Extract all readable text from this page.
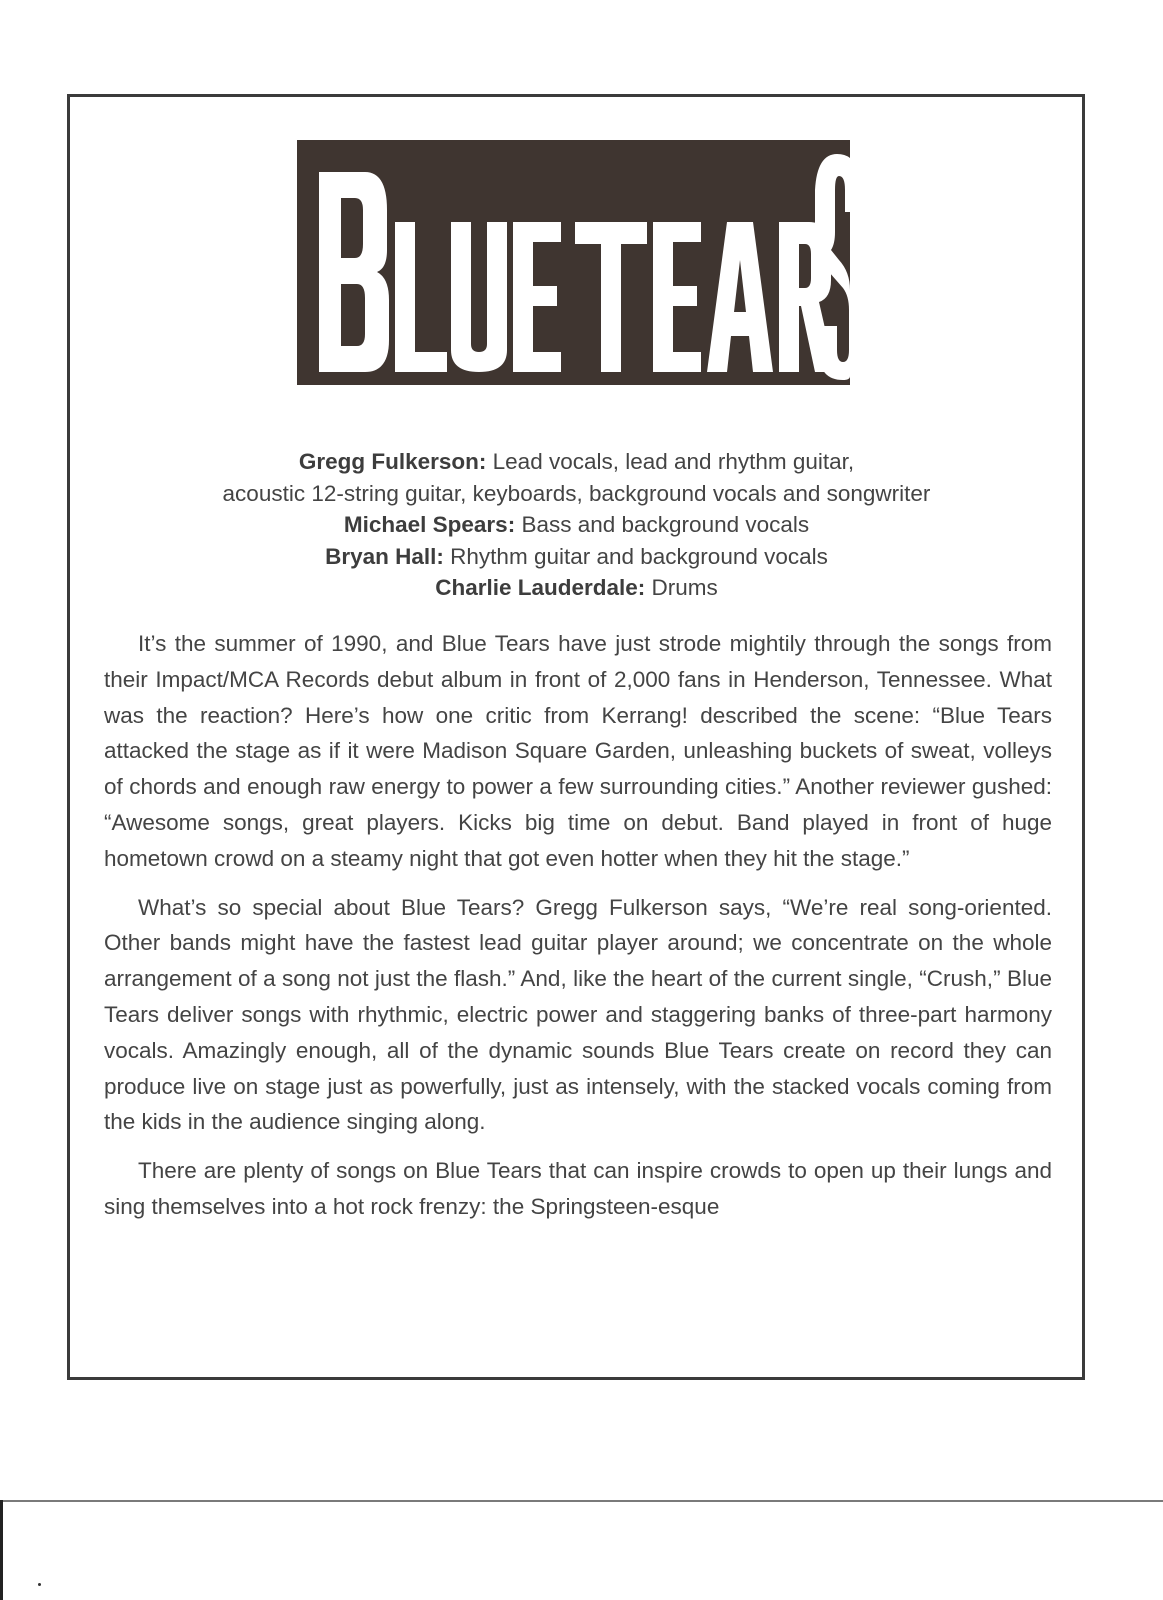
Gregg Fulkerson: Lead vocals, lead and rhythm guitar,
acoustic 12-string guitar, keyboards, background vocals and songwriter
Michael Spears: Bass and background vocals
Bryan Hall: Rhythm guitar and background vocals
Charlie Lauderdale: Drums

It’s the summer of 1990, and Blue Tears have just strode mightily through the songs from their Impact/MCA Records debut album in front of 2,000 fans in Henderson, Tennessee. What was the reaction? Here’s how one critic from Kerrang! described the scene: “Blue Tears attacked the stage as if it were Madison Square Garden, unleashing buckets of sweat, volleys of chords and enough raw energy to power a few surrounding cities.” Another reviewer gushed: “Awesome songs, great players. Kicks big time on debut. Band played in front of huge hometown crowd on a steamy night that got even hotter when they hit the stage.”

What’s so special about Blue Tears? Gregg Fulkerson says, “We’re real song-oriented. Other bands might have the fastest lead guitar player around; we concentrate on the whole arrangement of a song not just the flash.” And, like the heart of the current single, “Crush,” Blue Tears deliver songs with rhythmic, electric power and staggering banks of three-part harmony vocals. Amazingly enough, all of the dynamic sounds Blue Tears create on record they can produce live on stage just as powerfully, just as intensely, with the stacked vocals coming from the kids in the audience singing along.

There are plenty of songs on Blue Tears that can inspire crowds to open up their lungs and sing themselves into a hot rock frenzy: the Springsteen-esque
